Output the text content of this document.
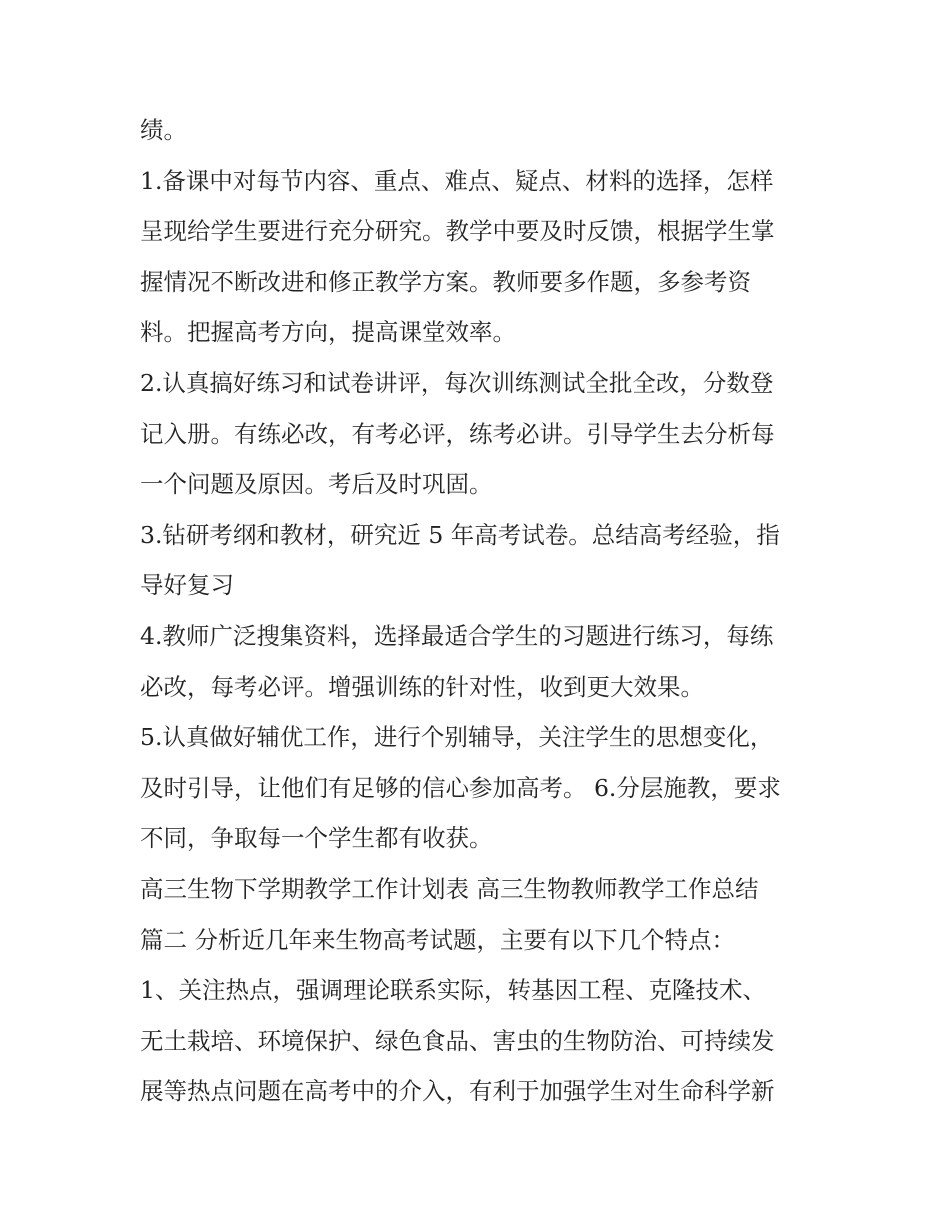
绩。
1.备课中对每节内容、重点、难点、疑点、材料的选择，怎样
呈现给学生要进行充分研究。教学中要及时反馈，根据学生掌
握情况不断改进和修正教学方案。教师要多作题，多参考资
料。把握高考方向，提高课堂效率。
2.认真搞好练习和试卷讲评，每次训练测试全批全改，分数登
记入册。有练必改，有考必评，练考必讲。引导学生去分析每
一个问题及原因。考后及时巩固。
3.钻研考纲和教材，研究近 5 年高考试卷。总结高考经验，指
导好复习
4.教师广泛搜集资料，选择最适合学生的习题进行练习，每练
必改，每考必评。增强训练的针对性，收到更大效果。
5.认真做好辅优工作，进行个别辅导，关注学生的思想变化，
及时引导，让他们有足够的信心参加高考。 6.分层施教，要求
不同，争取每一个学生都有收获。
高三生物下学期教学工作计划表 高三生物教师教学工作总结
篇二 分析近几年来生物高考试题，主要有以下几个特点：
1、关注热点，强调理论联系实际，转基因工程、克隆技术、
无土栽培、环境保护、绿色食品、害虫的生物防治、可持续发
展等热点问题在高考中的介入，有利于加强学生对生命科学新
